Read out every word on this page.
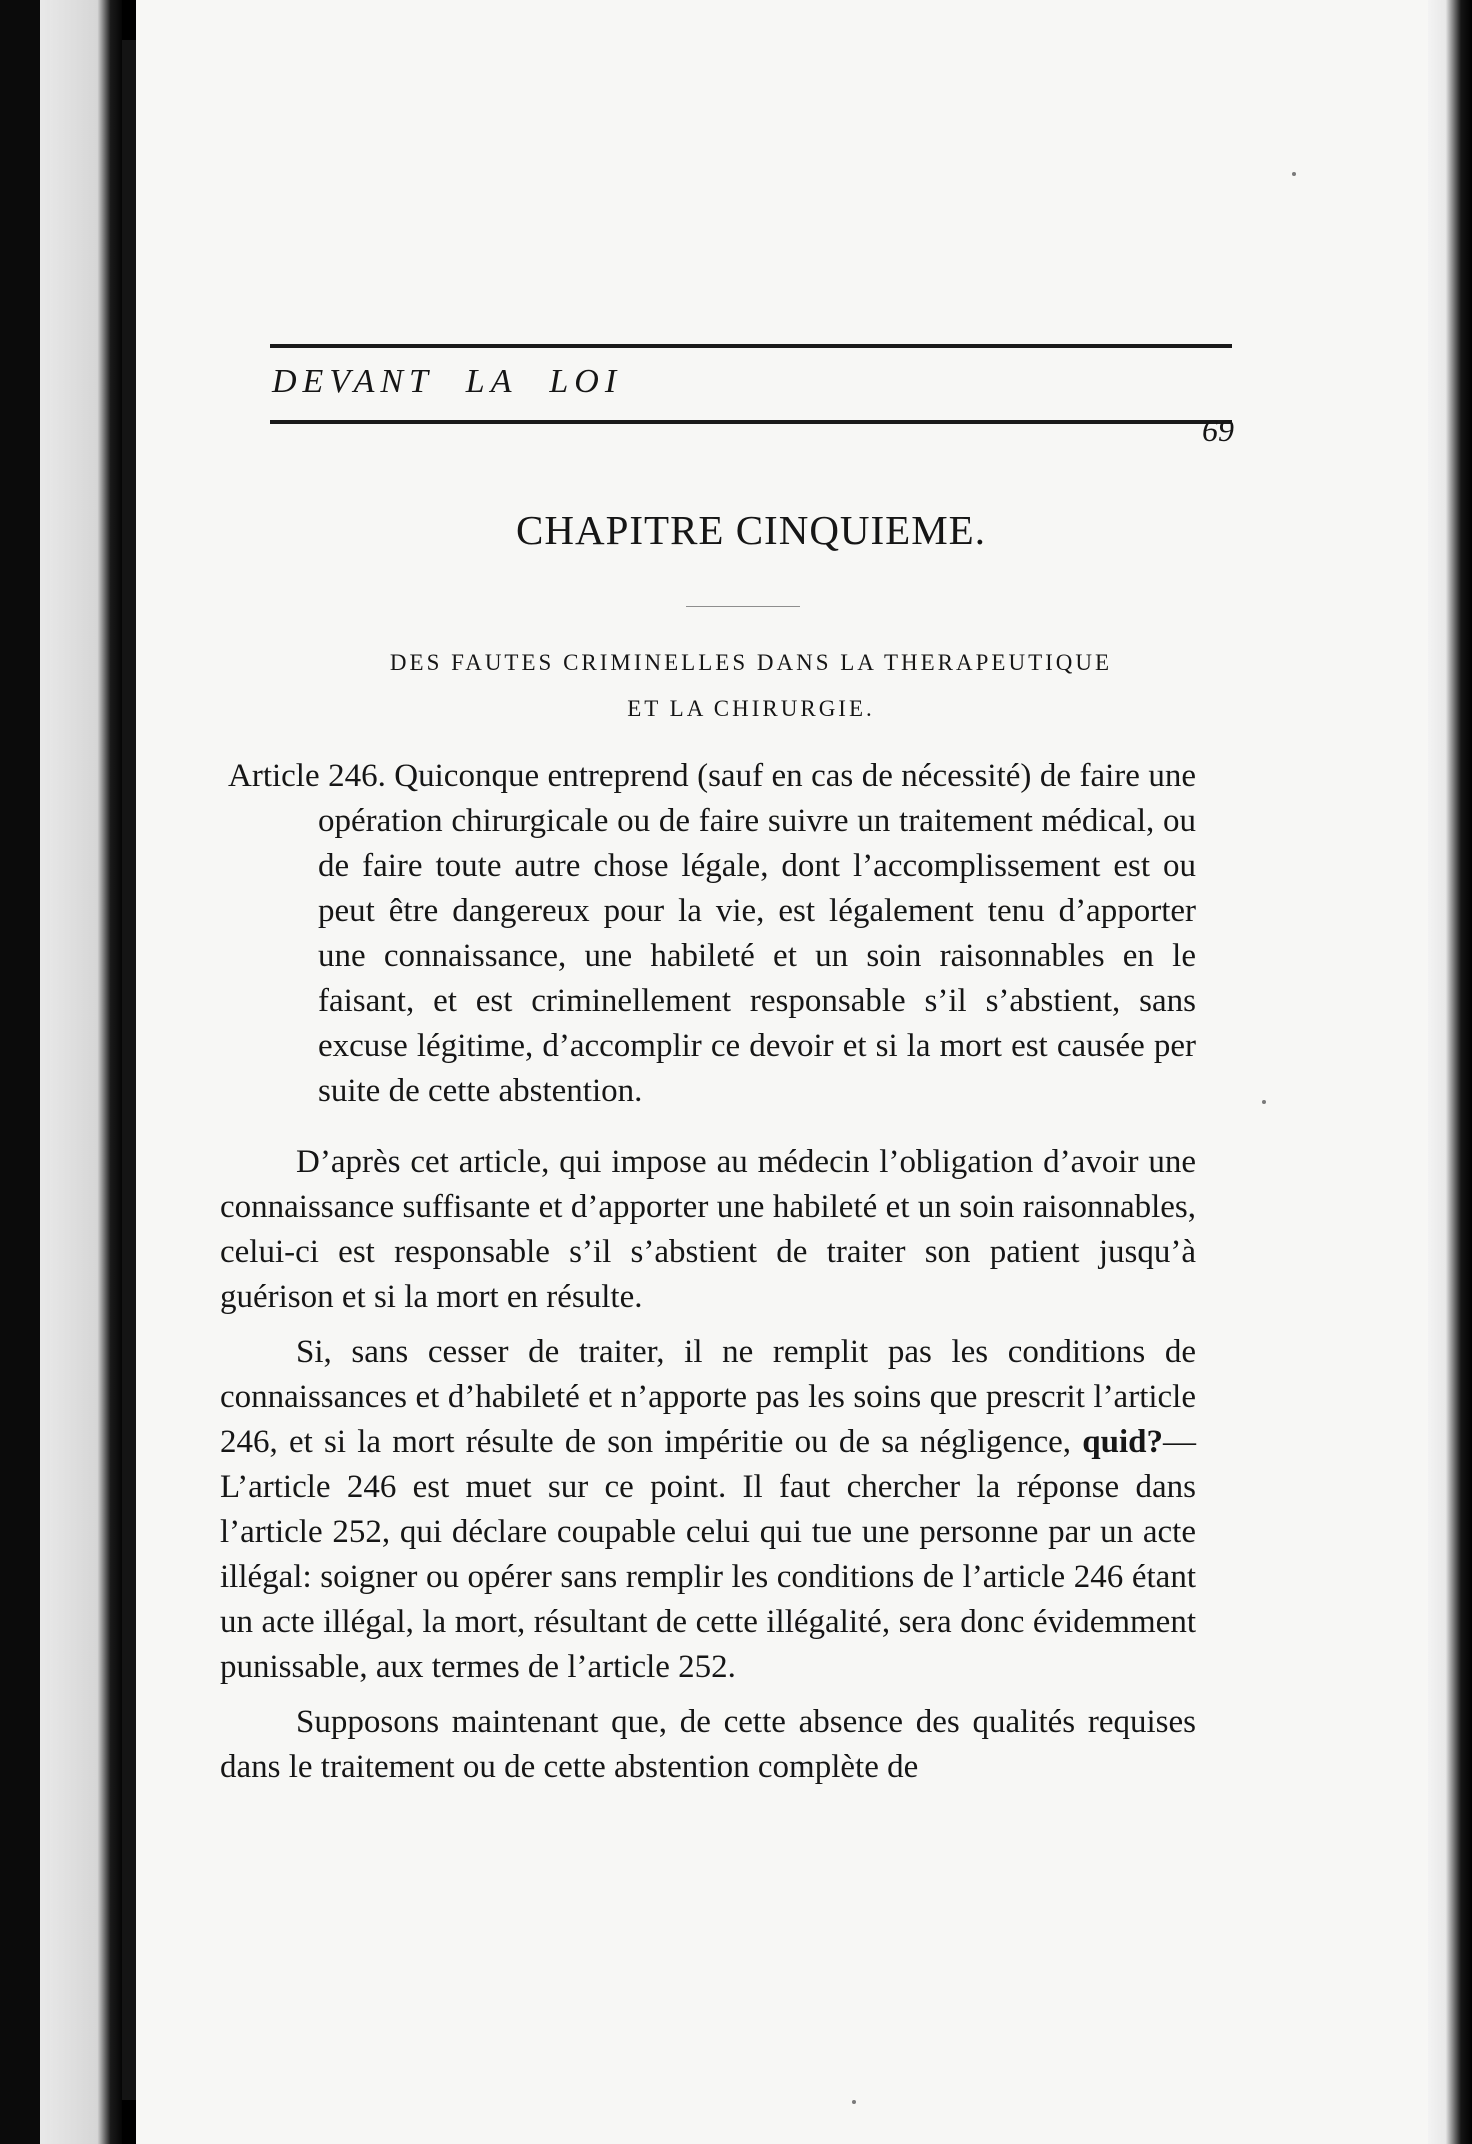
DEVANT LA LOI
69
CHAPITRE CINQUIEME.
DES FAUTES CRIMINELLES DANS LA THERAPEUTIQUE
ET LA CHIRURGIE.

Article 246. Quiconque entreprend (sauf en cas de nécessité) de faire une opération chirurgicale ou de faire suivre un traitement médical, ou de faire toute autre chose légale, dont l’accomplissement est ou peut être dangereux pour la vie, est légalement tenu d’apporter une connaissance, une habileté et un soin raisonnables en le faisant, et est criminellement responsable s’il s’abstient, sans excuse légitime, d’accomplir ce devoir et si la mort est causée per suite de cette abstention.

D’après cet article, qui impose au médecin l’obligation d’avoir une connaissance suffisante et d’apporter une habileté et un soin raisonnables, celui-ci est responsable s’il s’abstient de traiter son patient jusqu’à guérison et si la mort en résulte.

Si, sans cesser de traiter, il ne remplit pas les conditions de connaissances et d’habileté et n’apporte pas les soins que prescrit l’article 246, et si la mort résulte de son impéritie ou de sa négligence, quid?—L’article 246 est muet sur ce point. Il faut chercher la réponse dans l’article 252, qui déclare coupable celui qui tue une personne par un acte illégal: soigner ou opérer sans remplir les conditions de l’article 246 étant un acte illégal, la mort, résultant de cette illégalité, sera donc évidemment punissable, aux termes de l’article 252.

Supposons maintenant que, de cette absence des qualités requises dans le traitement ou de cette abstention complète de
